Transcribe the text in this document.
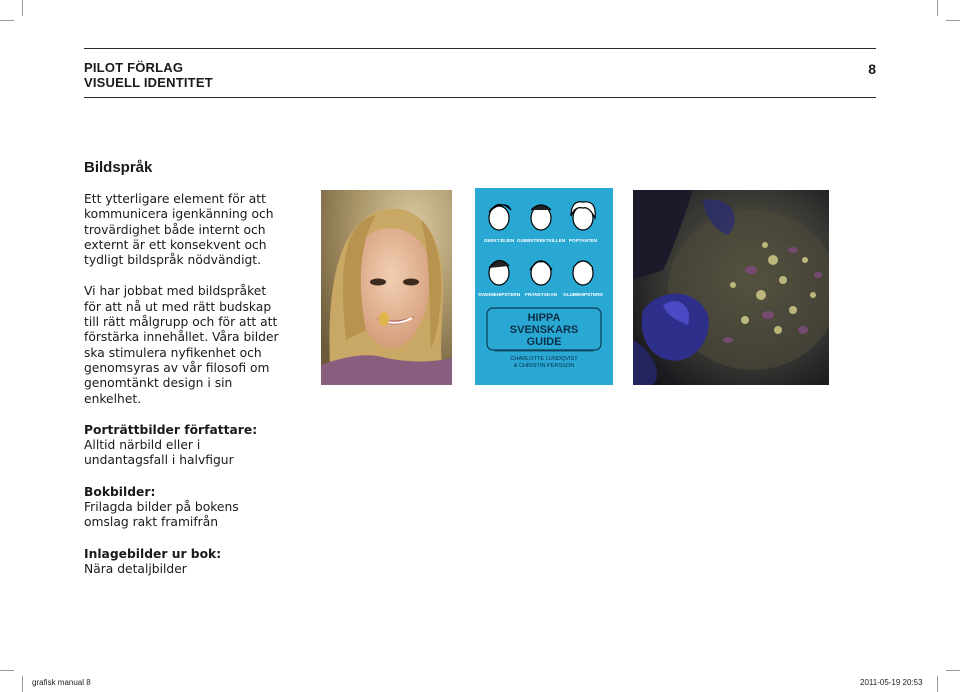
PILOT FÖRLAG
VISUELL IDENTITET
8
Bildspråk
Ett ytterligare element för att kommunicera igenkänning och trovärdighet både internt och externt är ett konsekvent och tydligt bildspråk nödvändigt.
Vi har jobbat med bildspråket för att nå ut med rätt budskap till rätt målgrupp och för att att förstärka innehållet. Våra bilder ska stimulera nyfikenhet och genomsyras av vår filosofi om genomtänkt design i sin enkelhet.
Porträttbilder författare:
Alltid närbild eller i undantagsfall i halvfigur
Bokbilder:
Frilagda bilder på bokens omslag rakt framifrån
Inlagebilder ur bok:
Nära detaljbilder
GEEKTJEJEN GUBBSTREETKILLEN POPTANTEN
SVENNEHIPSTERN FRANSYSKAN KLUBBHIPSTERN
HIPPA
SVENSKARS
GUIDE
CHARLOTTE LUNDQVIST
& CHRISTIN PERSSON
grafisk manual 8	2011-05-19 20:53
